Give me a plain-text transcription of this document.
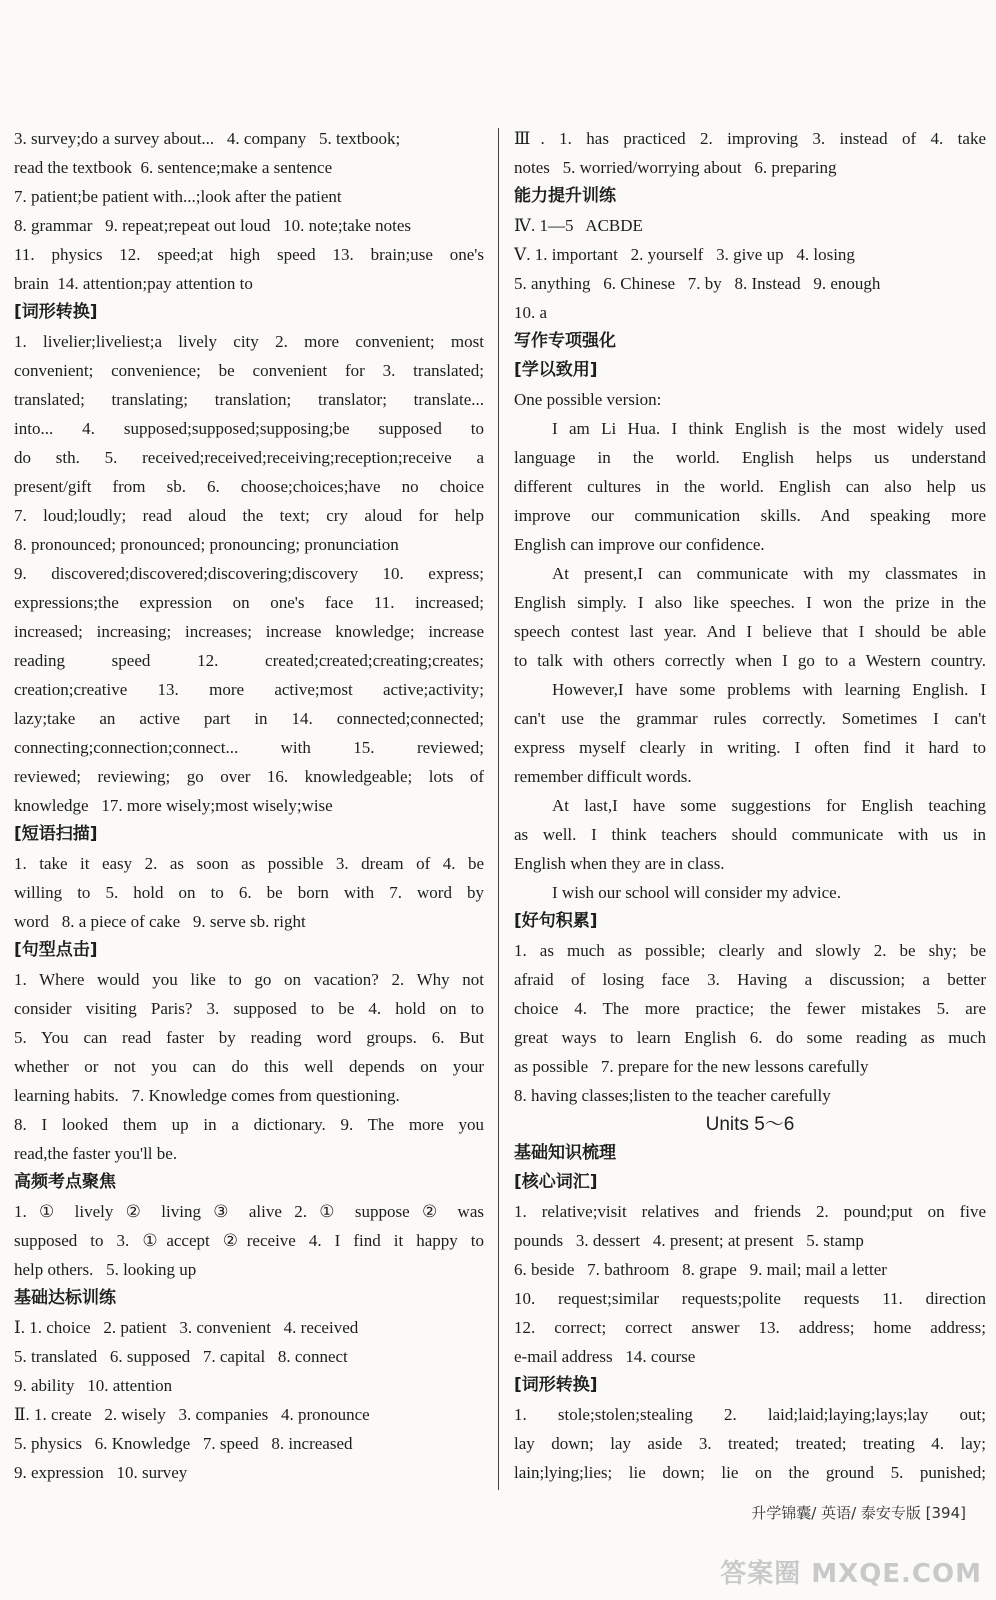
3. survey;do a survey about...   4. company   5. textbook;
read the textbook  6. sentence;make a sentence
7. patient;be patient with...;look after the patient
8. grammar   9. repeat;repeat out loud   10. note;take notes
11. physics 12. speed;at high speed 13. brain;use one's
brain  14. attention;pay attention to
[词形转换]
1. livelier;liveliest;a lively city 2. more convenient; most
convenient; convenience; be convenient for 3. translated;
translated; translating; translation; translator; translate...
into... 4. supposed;supposed;supposing;be supposed to
do sth. 5. received;received;receiving;reception;receive a
present/gift from sb. 6. choose;choices;have no choice
7. loud;loudly; read aloud the text; cry aloud for help
8. pronounced; pronounced; pronouncing; pronunciation
9. discovered;discovered;discovering;discovery 10. express;
expressions;the expression on one's face 11. increased;
increased; increasing; increases; increase knowledge; increase
reading speed 12. created;created;creating;creates;
creation;creative 13. more active;most active;activity;
lazy;take an active part in 14. connected;connected;
connecting;connection;connect... with 15. reviewed;
reviewed; reviewing; go over 16. knowledgeable; lots of
knowledge   17. more wisely;most wisely;wise
[短语扫描]
1. take it easy 2. as soon as possible 3. dream of 4. be
willing to 5. hold on to 6. be born with 7. word by
word   8. a piece of cake   9. serve sb. right
[句型点击]
1. Where would you like to go on vacation? 2. Why not
consider visiting Paris? 3. supposed to be 4. hold on to
5. You can read faster by reading word groups. 6. But
whether or not you can do this well depends on your
learning habits.   7. Knowledge comes from questioning.
8. I looked them up in a dictionary. 9. The more you
read,the faster you'll be.
高频考点聚焦
1. ① lively ② living ③ alive 2. ① suppose ② was
supposed to 3. ①accept ②receive 4. I find it happy to
help others.   5. looking up
基础达标训练
Ⅰ. 1. choice   2. patient   3. convenient   4. received
5. translated   6. supposed   7. capital   8. connect
9. ability   10. attention
Ⅱ. 1. create   2. wisely   3. companies   4. pronounce
5. physics   6. Knowledge   7. speed   8. increased
9. expression   10. survey
Ⅲ. 1. has practiced 2. improving 3. instead of 4. take
notes   5. worried/worrying about   6. preparing
能力提升训练
Ⅳ. 1—5   ACBDE
Ⅴ. 1. important   2. yourself   3. give up   4. losing
5. anything   6. Chinese   7. by   8. Instead   9. enough
10. a
写作专项强化
[学以致用]
One possible version:
I am Li Hua. I think English is the most widely used
language in the world. English helps us understand
different cultures in the world. English can also help us
improve our communication skills. And speaking more
English can improve our confidence.
At present,I can communicate with my classmates in
English simply. I also like speeches. I won the prize in the
speech contest last year. And I believe that I should be able
to talk with others correctly when I go to a Western country.
However,I have some problems with learning English. I
can't use the grammar rules correctly. Sometimes I can't
express myself clearly in writing. I often find it hard to
remember difficult words.
At last,I have some suggestions for English teaching
as well. I think teachers should communicate with us in
English when they are in class.
I wish our school will consider my advice.
[好句积累]
1. as much as possible; clearly and slowly 2. be shy; be
afraid of losing face 3. Having a discussion; a better
choice 4. The more practice; the fewer mistakes 5. are
great ways to learn English 6. do some reading as much
as possible   7. prepare for the new lessons carefully
8. having classes;listen to the teacher carefully
Units 5～6
基础知识梳理
[核心词汇]
1. relative;visit relatives and friends 2. pound;put on five
pounds   3. dessert   4. present; at present   5. stamp
6. beside   7. bathroom   8. grape   9. mail; mail a letter
10. request;similar requests;polite requests 11. direction
12. correct; correct answer 13. address; home address;
e-mail address   14. course
[词形转换]
1. stole;stolen;stealing 2. laid;laid;laying;lays;lay out;
lay down; lay aside 3. treated; treated; treating 4. lay;
lain;lying;lies; lie down; lie on the ground 5. punished;
升学锦囊/ 英语/ 泰安专版 [394]
答案圈 MXQE.COM
